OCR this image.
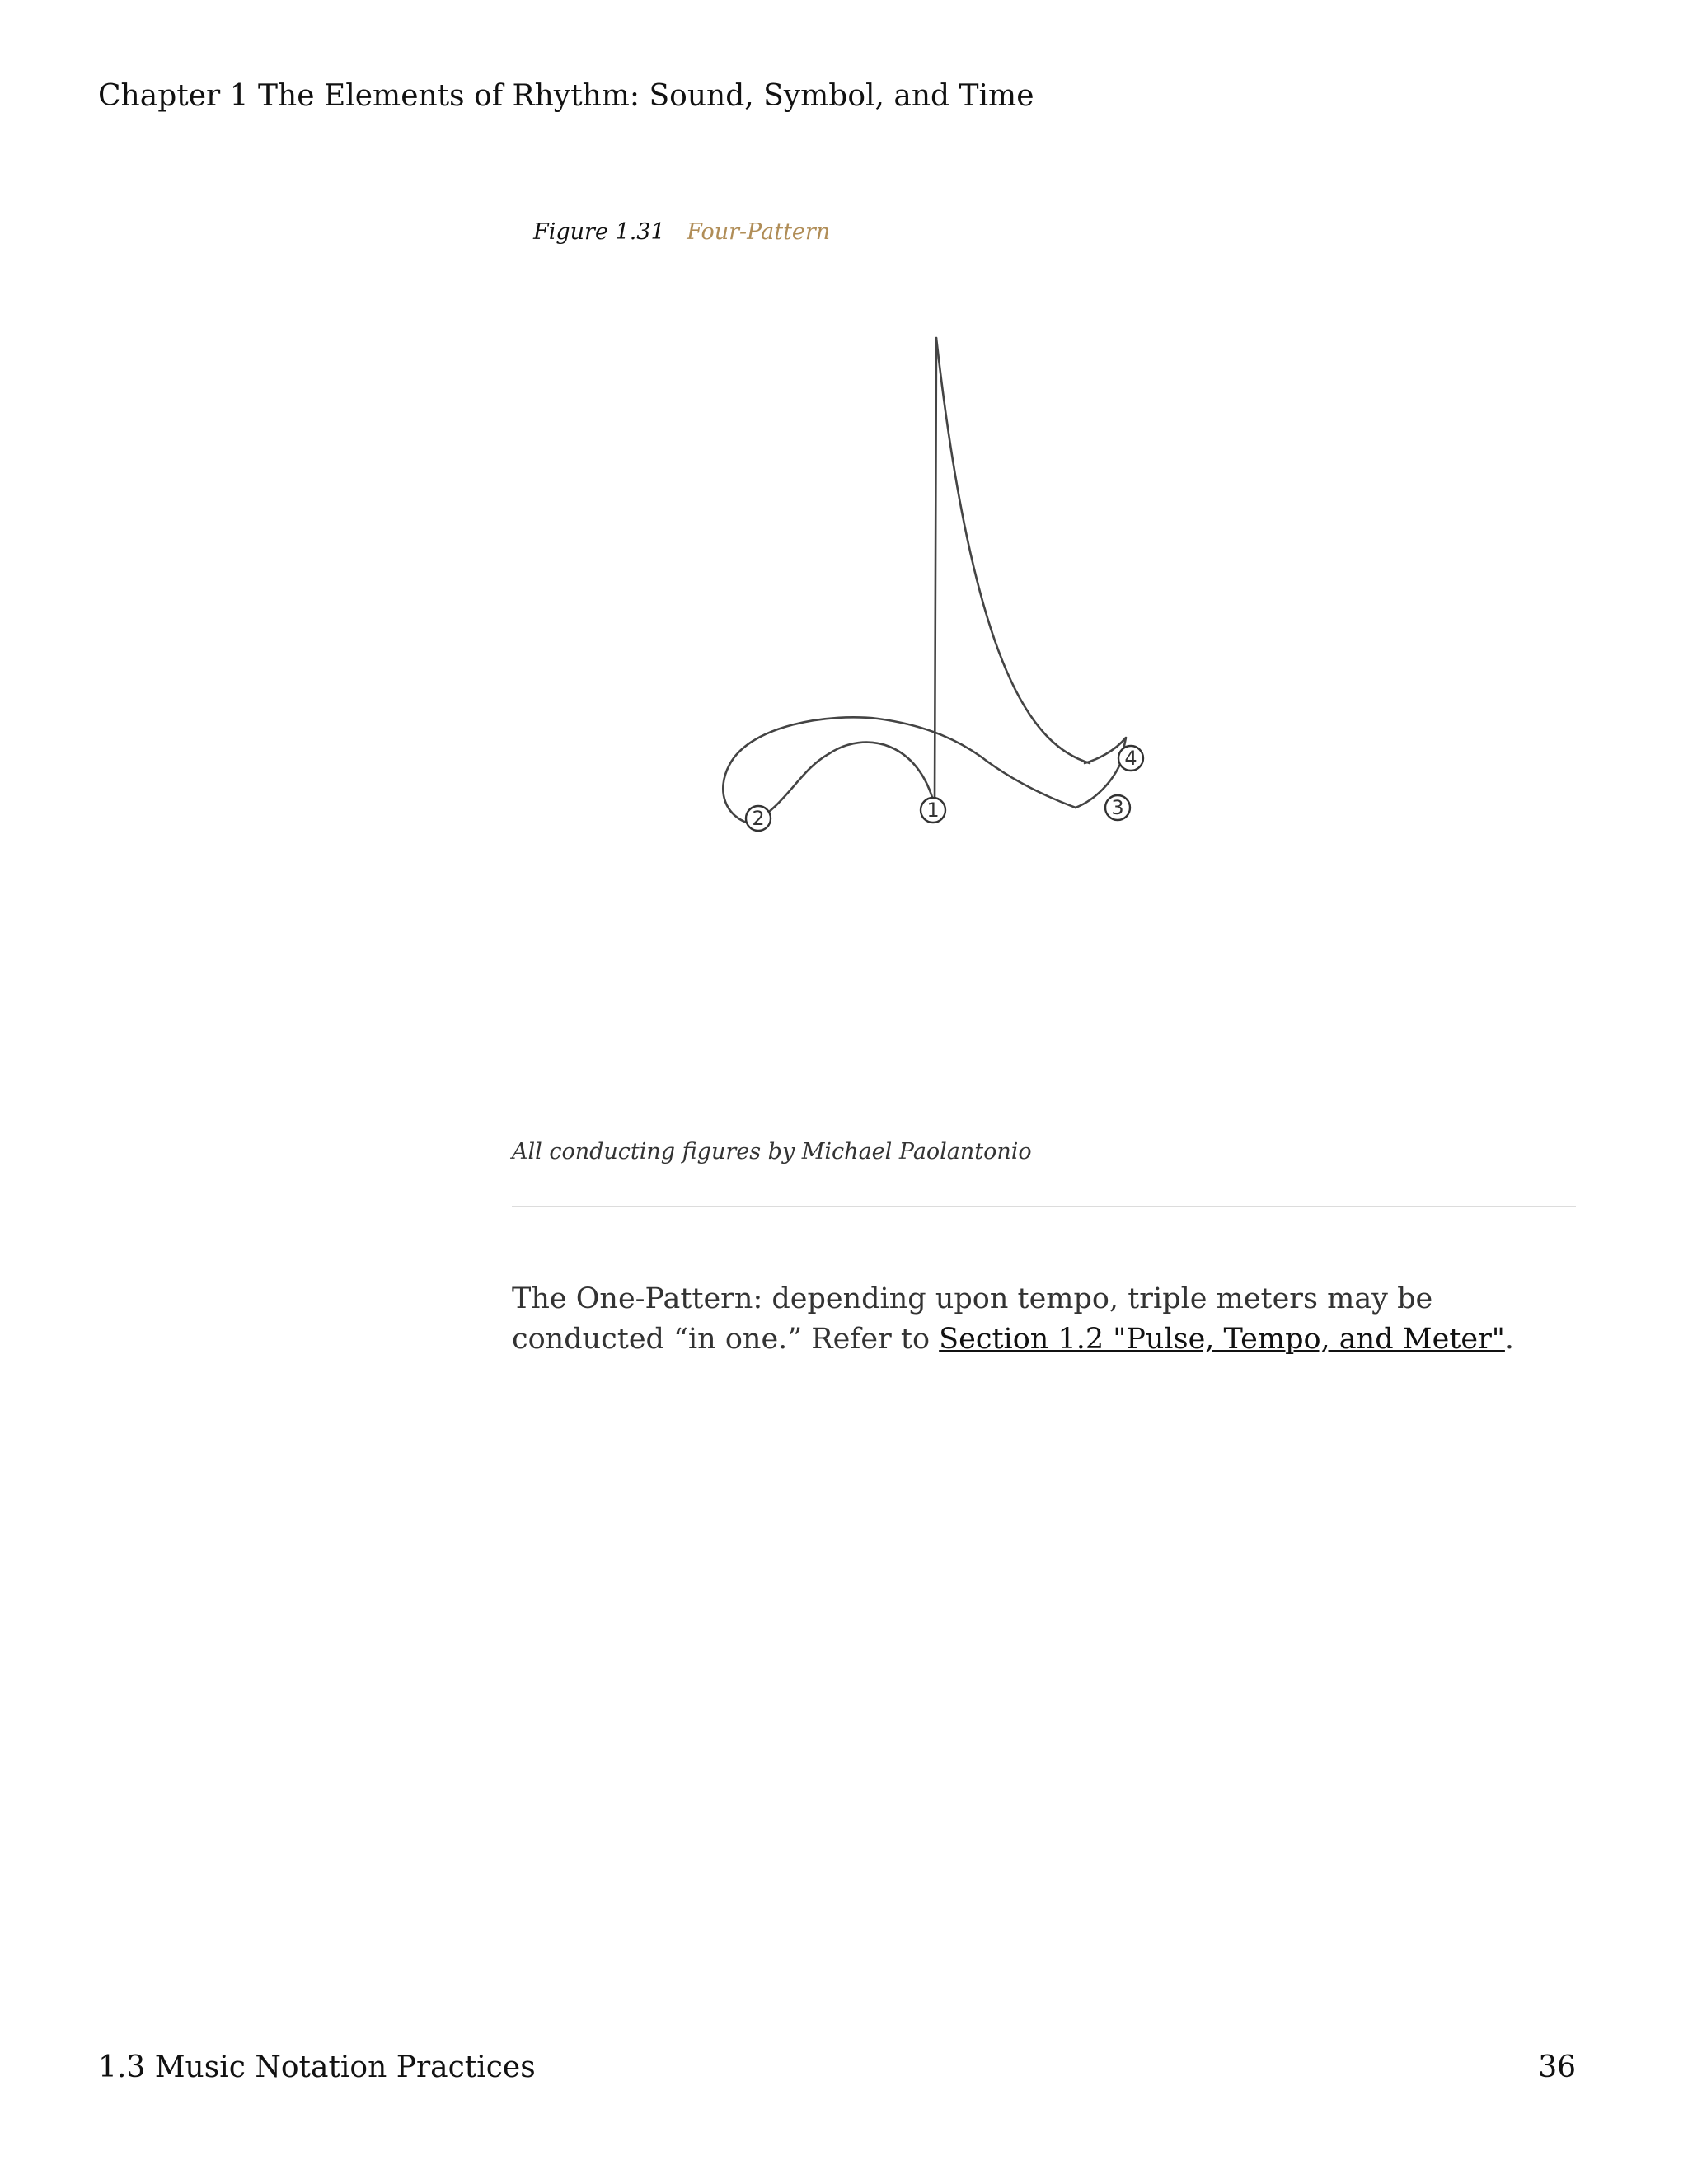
Chapter 1 The Elements of Rhythm: Sound, Symbol, and Time
Figure 1.31 Four-Pattern
1
2	3
4
All conducting figures by Michael Paolantonio

The One-Pattern: depending upon tempo, triple meters may be conducted “in one.” Refer to Section 1.2 "Pulse, Tempo, and Meter".

1.3 Music Notation Practices	36
